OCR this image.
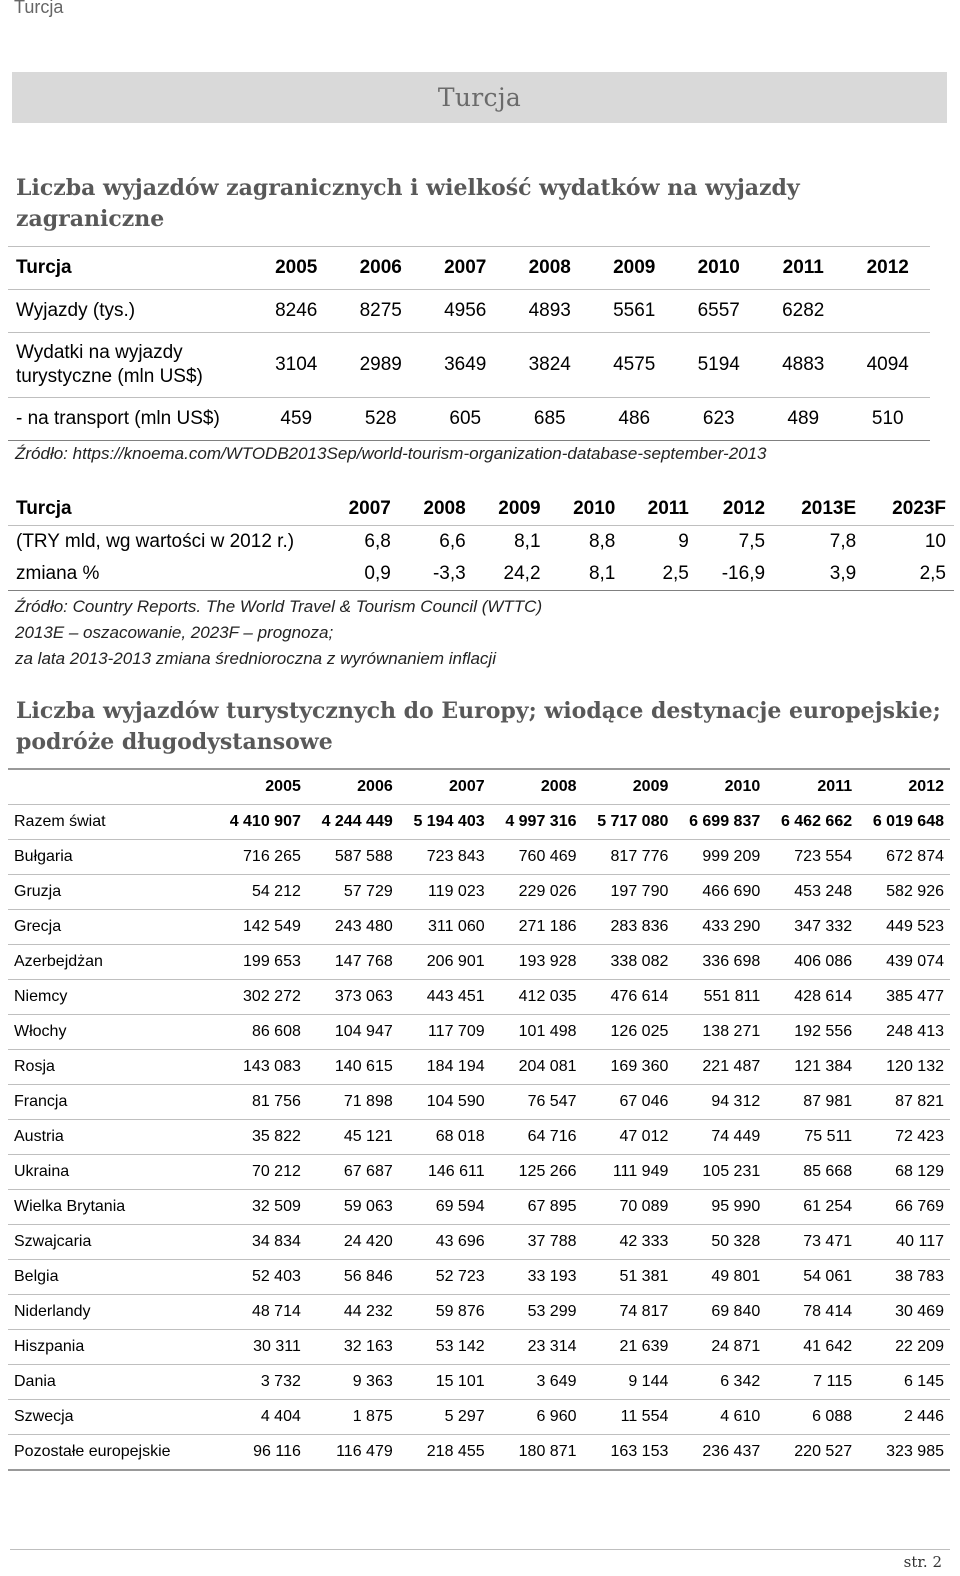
Turcja
Turcja
Liczba wyjazdów zagranicznych i wielkość wydatków na wyjazdy zagraniczne
Turcja	2005	2006	2007	2008	2009	2010	2011	2012
Wyjazdy (tys.)	8246	8275	4956	4893	5561	6557	6282	
Wydatki na wyjazdy turystyczne (mln US$)	3104	2989	3649	3824	4575	5194	4883	4094
- na transport (mln US$)	459	528	605	685	486	623	489	510
Źródło: https://knoema.com/WTODB2013Sep/world-tourism-organization-database-september-2013
Turcja	2007	2008	2009	2010	2011	2012	2013E	2023F
(TRY mld, wg wartości w 2012 r.)	6,8	6,6	8,1	8,8	9	7,5	7,8	10
zmiana %	0,9	-3,3	24,2	8,1	2,5	-16,9	3,9	2,5
Źródło: Country Reports. The World Travel & Tourism Council (WTTC)
2013E – oszacowanie, 2023F – prognoza;
za lata 2013-2013 zmiana średnioroczna z wyrównaniem inflacji
Liczba wyjazdów turystycznych do Europy; wiodące destynacje europejskie; podróże długodystansowe
	2005	2006	2007	2008	2009	2010	2011	2012
Razem świat	4 410 907	4 244 449	5 194 403	4 997 316	5 717 080	6 699 837	6 462 662	6 019 648
Bułgaria	716 265	587 588	723 843	760 469	817 776	999 209	723 554	672 874
Gruzja	54 212	57 729	119 023	229 026	197 790	466 690	453 248	582 926
Grecja	142 549	243 480	311 060	271 186	283 836	433 290	347 332	449 523
Azerbejdżan	199 653	147 768	206 901	193 928	338 082	336 698	406 086	439 074
Niemcy	302 272	373 063	443 451	412 035	476 614	551 811	428 614	385 477
Włochy	86 608	104 947	117 709	101 498	126 025	138 271	192 556	248 413
Rosja	143 083	140 615	184 194	204 081	169 360	221 487	121 384	120 132
Francja	81 756	71 898	104 590	76 547	67 046	94 312	87 981	87 821
Austria	35 822	45 121	68 018	64 716	47 012	74 449	75 511	72 423
Ukraina	70 212	67 687	146 611	125 266	111 949	105 231	85 668	68 129
Wielka Brytania	32 509	59 063	69 594	67 895	70 089	95 990	61 254	66 769
Szwajcaria	34 834	24 420	43 696	37 788	42 333	50 328	73 471	40 117
Belgia	52 403	56 846	52 723	33 193	51 381	49 801	54 061	38 783
Niderlandy	48 714	44 232	59 876	53 299	74 817	69 840	78 414	30 469
Hiszpania	30 311	32 163	53 142	23 314	21 639	24 871	41 642	22 209
Dania	3 732	9 363	15 101	3 649	9 144	6 342	7 115	6 145
Szwecja	4 404	1 875	5 297	6 960	11 554	4 610	6 088	2 446
Pozostałe europejskie	96 116	116 479	218 455	180 871	163 153	236 437	220 527	323 985
str. 2
